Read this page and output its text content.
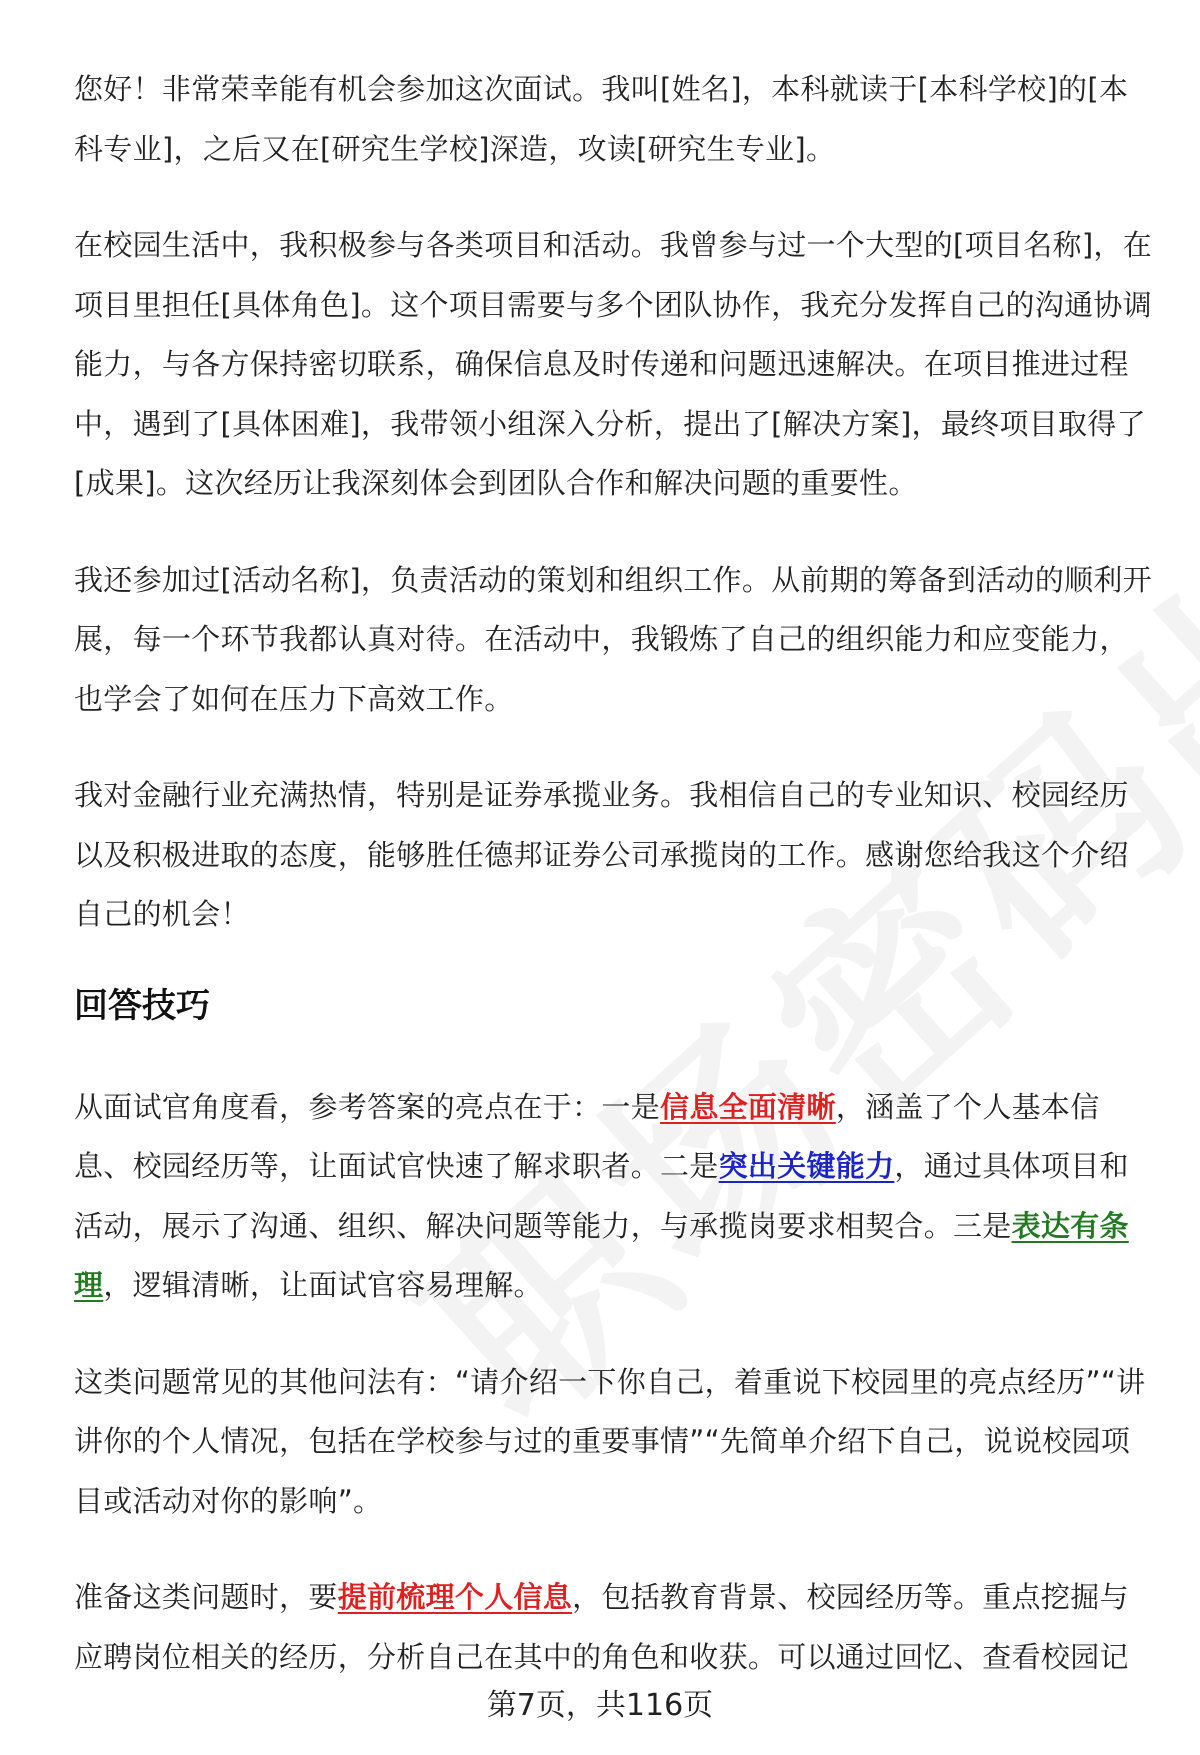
您好！非常荣幸能有机会参加这次面试。我叫[姓名]，本科就读于[本科学校]的[本科专业]，之后又在[研究生学校]深造，攻读[研究生专业]。

在校园生活中，我积极参与各类项目和活动。我曾参与过一个大型的[项目名称]，在项目里担任[具体角色]。这个项目需要与多个团队协作，我充分发挥自己的沟通协调能力，与各方保持密切联系，确保信息及时传递和问题迅速解决。在项目推进过程中，遇到了[具体困难]，我带领小组深入分析，提出了[解决方案]，最终项目取得了[成果]。这次经历让我深刻体会到团队合作和解决问题的重要性。

我还参加过[活动名称]，负责活动的策划和组织工作。从前期的筹备到活动的顺利开展，每一个环节我都认真对待。在活动中，我锻炼了自己的组织能力和应变能力，也学会了如何在压力下高效工作。

我对金融行业充满热情，特别是证券承揽业务。我相信自己的专业知识、校园经历以及积极进取的态度，能够胜任德邦证券公司承揽岗的工作。感谢您给我这个介绍自己的机会！

回答技巧

从面试官角度看，参考答案的亮点在于：一是信息全面清晰，涵盖了个人基本信息、校园经历等，让面试官快速了解求职者。二是突出关键能力，通过具体项目和活动，展示了沟通、组织、解决问题等能力，与承揽岗要求相契合。三是表达有条理，逻辑清晰，让面试官容易理解。

这类问题常见的其他问法有：“请介绍一下你自己，着重说下校园里的亮点经历”“讲讲你的个人情况，包括在学校参与过的重要事情”“先简单介绍下自己，说说校园项目或活动对你的影响”。

准备这类问题时，要提前梳理个人信息，包括教育背景、校园经历等。重点挖掘与应聘岗位相关的经历，分析自己在其中的角色和收获。可以通过回忆、查看校园记

第7页，共116页
